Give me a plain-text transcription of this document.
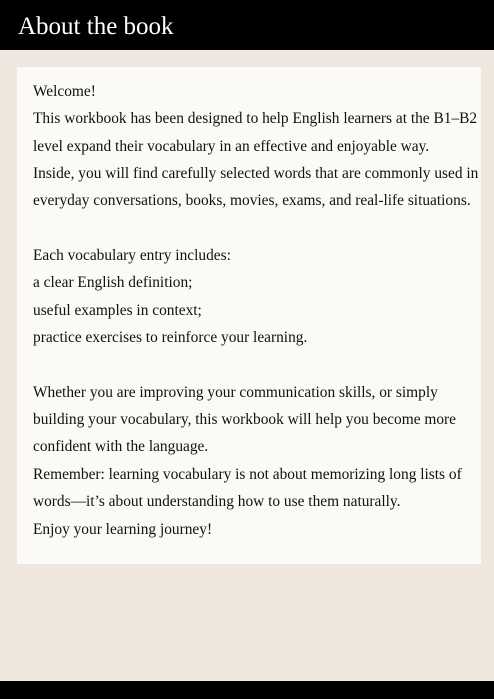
About the book
Welcome!
This workbook has been designed to help English learners at the B1–B2
level expand their vocabulary in an effective and enjoyable way.
Inside, you will find carefully selected words that are commonly used in
everyday conversations, books, movies, exams, and real-life situations.
Each vocabulary entry includes:
a clear English definition;
useful examples in context;
practice exercises to reinforce your learning.
Whether you are improving your communication skills, or simply
building your vocabulary, this workbook will help you become more
confident with the language.
Remember: learning vocabulary is not about memorizing long lists of
words—it’s about understanding how to use them naturally.
Enjoy your learning journey!
